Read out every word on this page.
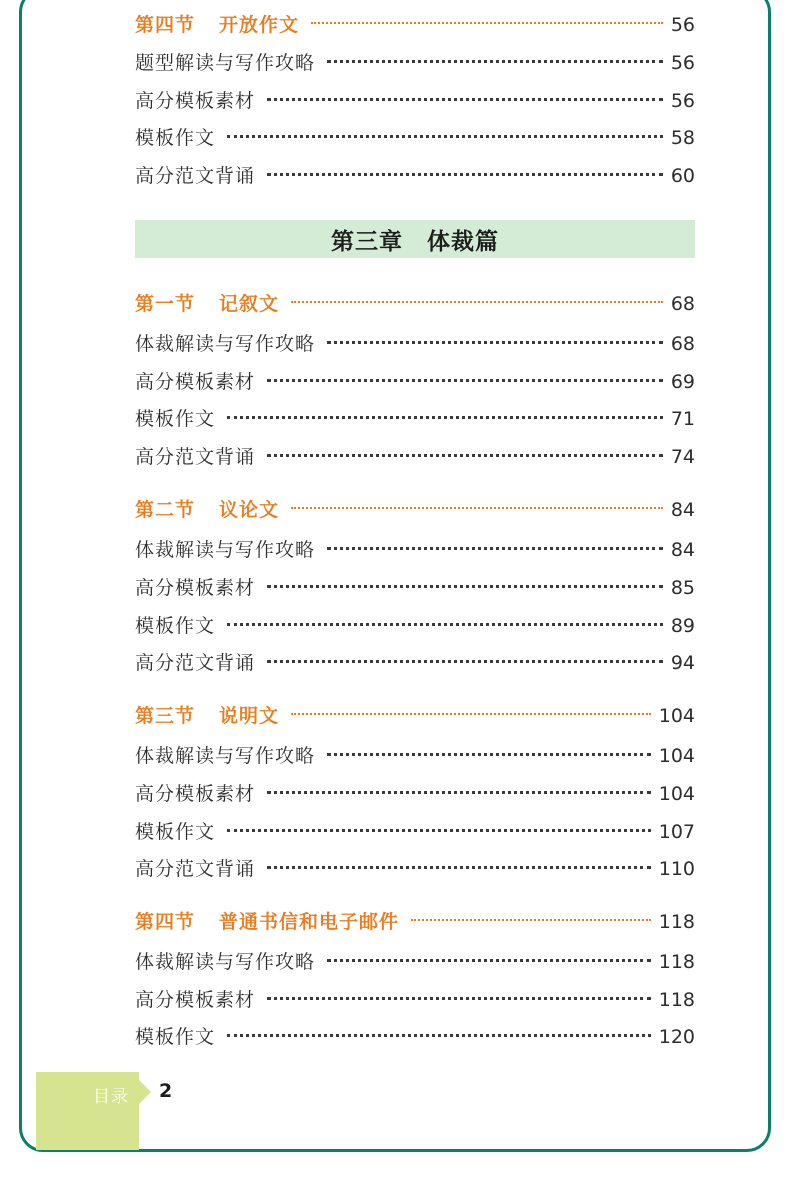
第四节 开放作文	56
题型解读与写作攻略	56
高分模板素材	56
模板作文	58
高分范文背诵	60
第一节 记叙文	68
体裁解读与写作攻略	68
高分模板素材	69
模板作文	71
高分范文背诵	74
第二节 议论文	84
体裁解读与写作攻略	84
高分模板素材	85
模板作文	89
高分范文背诵	94
第三节 说明文	104
体裁解读与写作攻略	104
高分模板素材	104
模板作文	107
高分范文背诵	110
第四节 普通书信和电子邮件	118
体裁解读与写作攻略	118
高分模板素材	118
模板作文	120
第三章 体裁篇
目录 2
